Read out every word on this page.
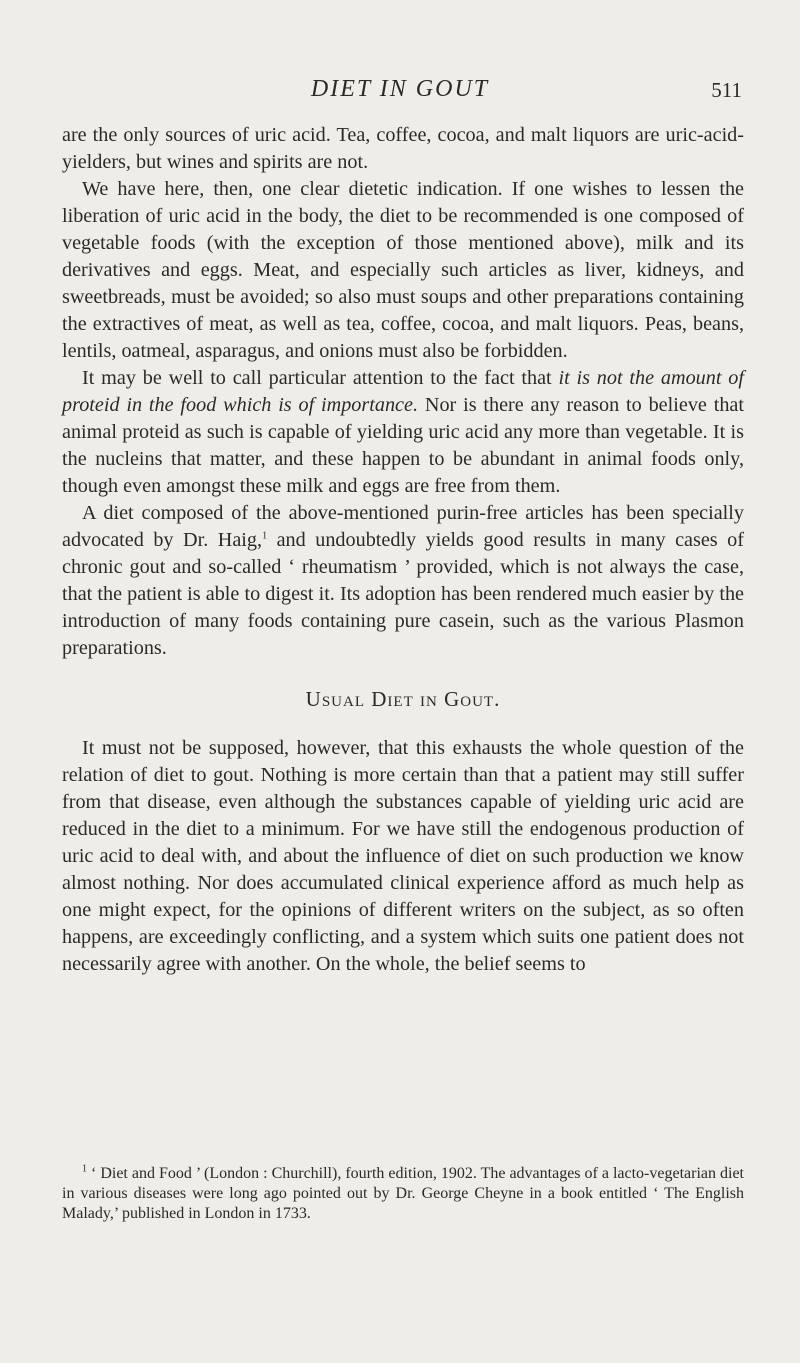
DIET IN GOUT	511

are the only sources of uric acid. Tea, coffee, cocoa, and malt liquors are uric-acid-yielders, but wines and spirits are not.

We have here, then, one clear dietetic indication. If one wishes to lessen the liberation of uric acid in the body, the diet to be recommended is one composed of vegetable foods (with the exception of those mentioned above), milk and its derivatives and eggs. Meat, and especially such articles as liver, kidneys, and sweetbreads, must be avoided; so also must soups and other preparations containing the extractives of meat, as well as tea, coffee, cocoa, and malt liquors. Peas, beans, lentils, oatmeal, asparagus, and onions must also be forbidden.

It may be well to call particular attention to the fact that it is not the amount of proteid in the food which is of importance. Nor is there any reason to believe that animal proteid as such is capable of yielding uric acid any more than vegetable. It is the nucleins that matter, and these happen to be abundant in animal foods only, though even amongst these milk and eggs are free from them.

A diet composed of the above-mentioned purin-free articles has been specially advocated by Dr. Haig,$^1$ and undoubtedly yields good results in many cases of chronic gout and so-called ‘ rheumatism ’ provided, which is not always the case, that the patient is able to digest it. Its adoption has been rendered much easier by the introduction of many foods containing pure casein, such as the various Plasmon preparations.

Usual Diet in Gout.

It must not be supposed, however, that this exhausts the whole question of the relation of diet to gout. Nothing is more certain than that a patient may still suffer from that disease, even although the substances capable of yielding uric acid are reduced in the diet to a minimum. For we have still the endogenous production of uric acid to deal with, and about the influence of diet on such production we know almost nothing. Nor does accumulated clinical experience afford as much help as one might expect, for the opinions of different writers on the subject, as so often happens, are exceedingly conflicting, and a system which suits one patient does not necessarily agree with another. On the whole, the belief seems to

$^1$ ‘ Diet and Food ’ (London : Churchill), fourth edition, 1902. The advantages of a lacto-vegetarian diet in various diseases were long ago pointed out by Dr. George Cheyne in a book entitled ‘ The English Malady,’ published in London in 1733.
